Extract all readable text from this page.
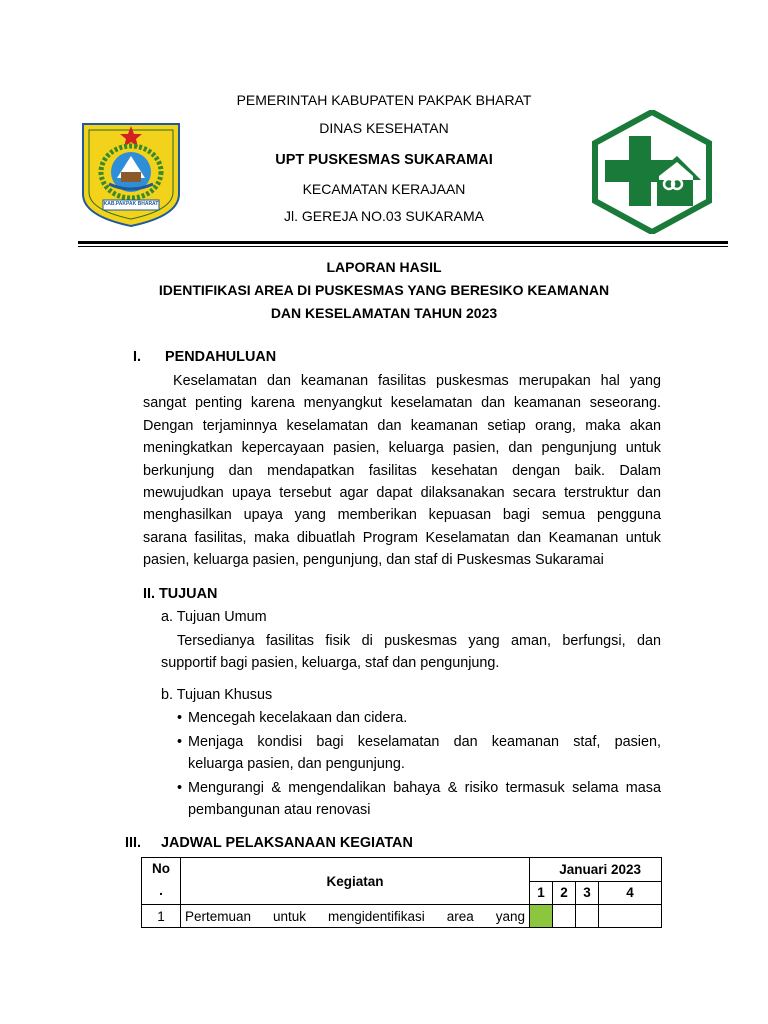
KAB.PAKPAK BHARAT
PEMERINTAH KABUPATEN PAKPAK BHARAT
DINAS KESEHATAN
UPT PUSKESMAS SUKARAMAI
KECAMATAN KERAJAAN
Jl. GEREJA NO.03 SUKARAMA
LAPORAN HASIL
IDENTIFIKASI AREA DI PUSKESMAS YANG BERESIKO KEAMANAN
DAN KESELAMATAN TAHUN 2023
I. PENDAHULUAN
Keselamatan dan keamanan fasilitas puskesmas merupakan hal yang
sangat penting karena menyangkut keselamatan dan keamanan seseorang.
Dengan terjaminnya keselamatan dan keamanan setiap orang, maka akan
meningkatkan kepercayaan pasien, keluarga pasien, dan pengunjung untuk
berkunjung dan mendapatkan fasilitas kesehatan dengan baik. Dalam
mewujudkan upaya tersebut agar dapat dilaksanakan secara terstruktur dan
menghasilkan upaya yang memberikan kepuasan bagi semua pengguna
sarana fasilitas, maka dibuatlah Program Keselamatan dan Keamanan untuk
pasien, keluarga pasien, pengunjung, dan staf di Puskesmas Sukaramai
II. TUJUAN
a. Tujuan Umum
Tersedianya fasilitas fisik di puskesmas yang aman, berfungsi, dan
supportif bagi pasien, keluarga, staf dan pengunjung.
b. Tujuan Khusus
• Mencegah kecelakaan dan cidera.
• Menjaga kondisi bagi keselamatan dan keamanan staf, pasien,
keluarga pasien, dan pengunjung.
• Mengurangi & mengendalikan bahaya & risiko termasuk selama masa
pembangunan atau renovasi
III. JADWAL PELAKSANAAN KEGIATAN
No
.	Kegiatan	Januari 2023			
		1	2	3	4
1	Pertemuan untuk mengidentifikasi area yang				
